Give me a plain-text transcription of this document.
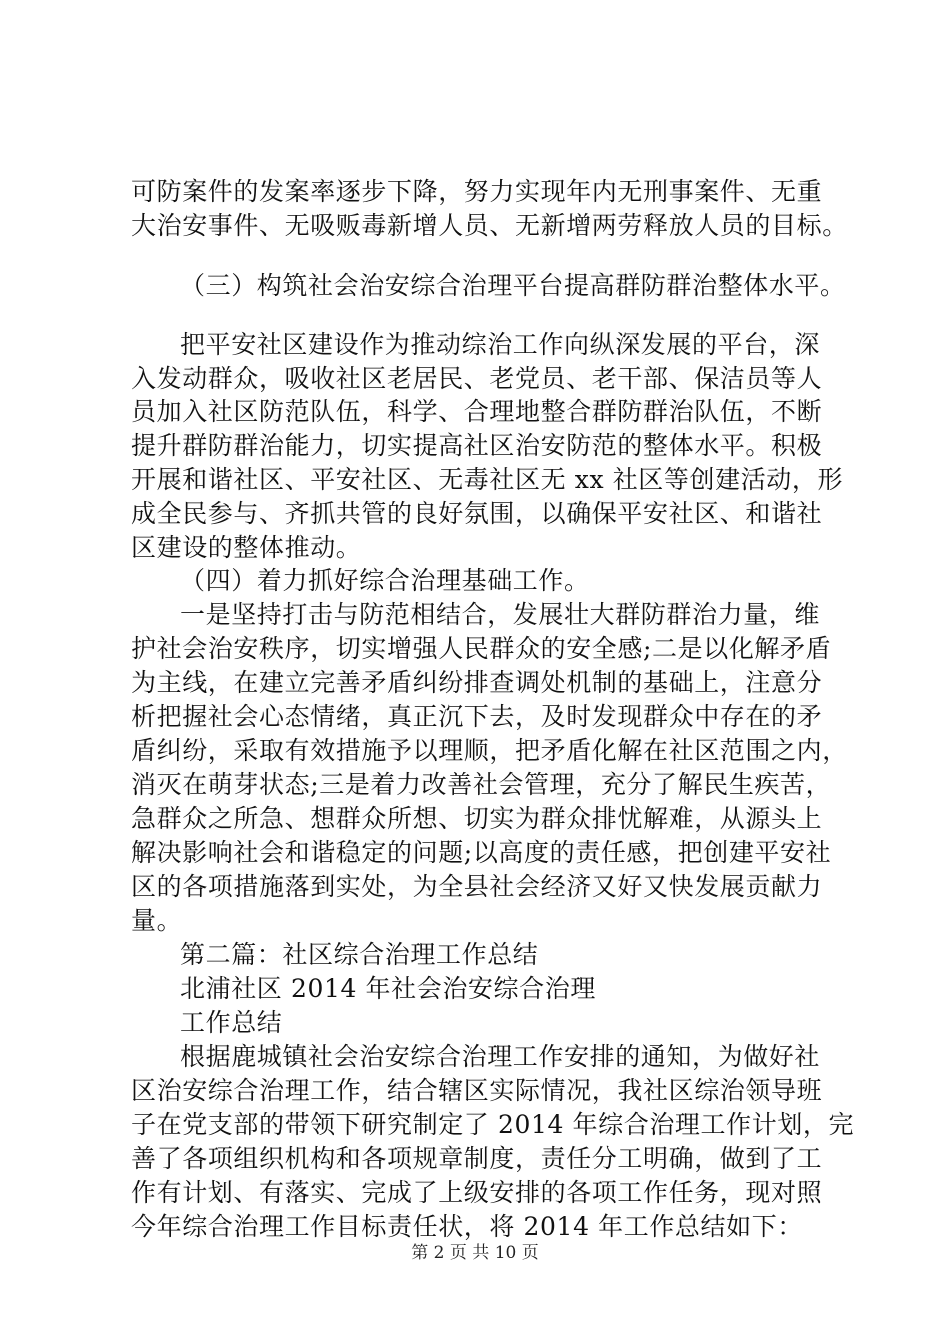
可防案件的发案率逐步下降，努力实现年内无刑事案件、无重
大治安事件、无吸贩毒新增人员、无新增两劳释放人员的目标。
（三）构筑社会治安综合治理平台提高群防群治整体水平。
把平安社区建设作为推动综治工作向纵深发展的平台，深
入发动群众，吸收社区老居民、老党员、老干部、保洁员等人
员加入社区防范队伍，科学、合理地整合群防群治队伍，不断
提升群防群治能力，切实提高社区治安防范的整体水平。积极
开展和谐社区、平安社区、无毒社区无 xx 社区等创建活动，形
成全民参与、齐抓共管的良好氛围，以确保平安社区、和谐社
区建设的整体推动。
（四）着力抓好综合治理基础工作。
一是坚持打击与防范相结合，发展壮大群防群治力量，维
护社会治安秩序，切实增强人民群众的安全感;二是以化解矛盾
为主线，在建立完善矛盾纠纷排查调处机制的基础上，注意分
析把握社会心态情绪，真正沉下去，及时发现群众中存在的矛
盾纠纷，采取有效措施予以理顺，把矛盾化解在社区范围之内，
消灭在萌芽状态;三是着力改善社会管理，充分了解民生疾苦，
急群众之所急、想群众所想、切实为群众排忧解难，从源头上
解决影响社会和谐稳定的问题;以高度的责任感，把创建平安社
区的各项措施落到实处，为全县社会经济又好又快发展贡献力
量。
第二篇：社区综合治理工作总结
北浦社区 2014 年社会治安综合治理
工作总结
根据鹿城镇社会治安综合治理工作安排的通知，为做好社
区治安综合治理工作，结合辖区实际情况，我社区综治领导班
子在党支部的带领下研究制定了 2014 年综合治理工作计划，完
善了各项组织机构和各项规章制度，责任分工明确，做到了工
作有计划、有落实、完成了上级安排的各项工作任务，现对照
今年综合治理工作目标责任状，将 2014 年工作总结如下：
第 2 页 共 10 页
